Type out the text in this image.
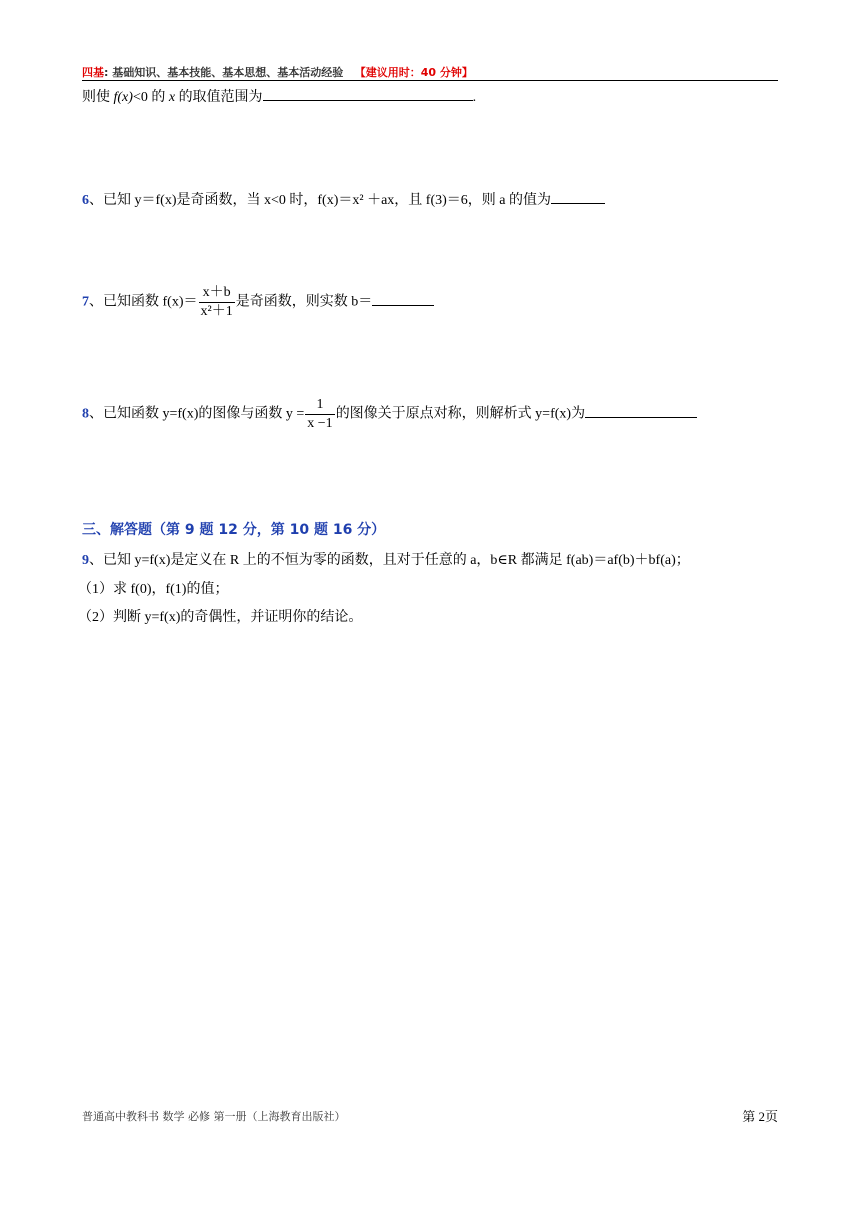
四基: 基础知识、基本技能、基本思想、基本活动经验 【建议用时：40 分钟】
则使 f(x)<0 的 x 的取值范围为	.
6、已知 y＝f(x)是奇函数，当 x<0 时，f(x)＝x² ＋ax，且 f(3)＝6，则 a 的值为
7、已知函数 $f(x)= \frac{x+b}{\text{x²＋1}}$ 是奇函数，则实数 b＝
8、已知函数 y=f(x)的图像与函数 $y = \frac{1}{x -1}$ 的图像关于原点对称，则解析式 y=f(x)为
三、解答题（第 9 题 12 分，第 10 题 16 分）
9、已知 y=f(x)是定义在 R 上的不恒为零的函数，且对于任意的 a，b∈R 都满足 f(ab)＝af(b)＋bf(a)；
（1）求 f(0)，f(1)的值；
（2）判断 y=f(x)的奇偶性，并证明你的结论。
普通高中教科书 数学 必修 第一册（上海教育出版社）	第 2页
